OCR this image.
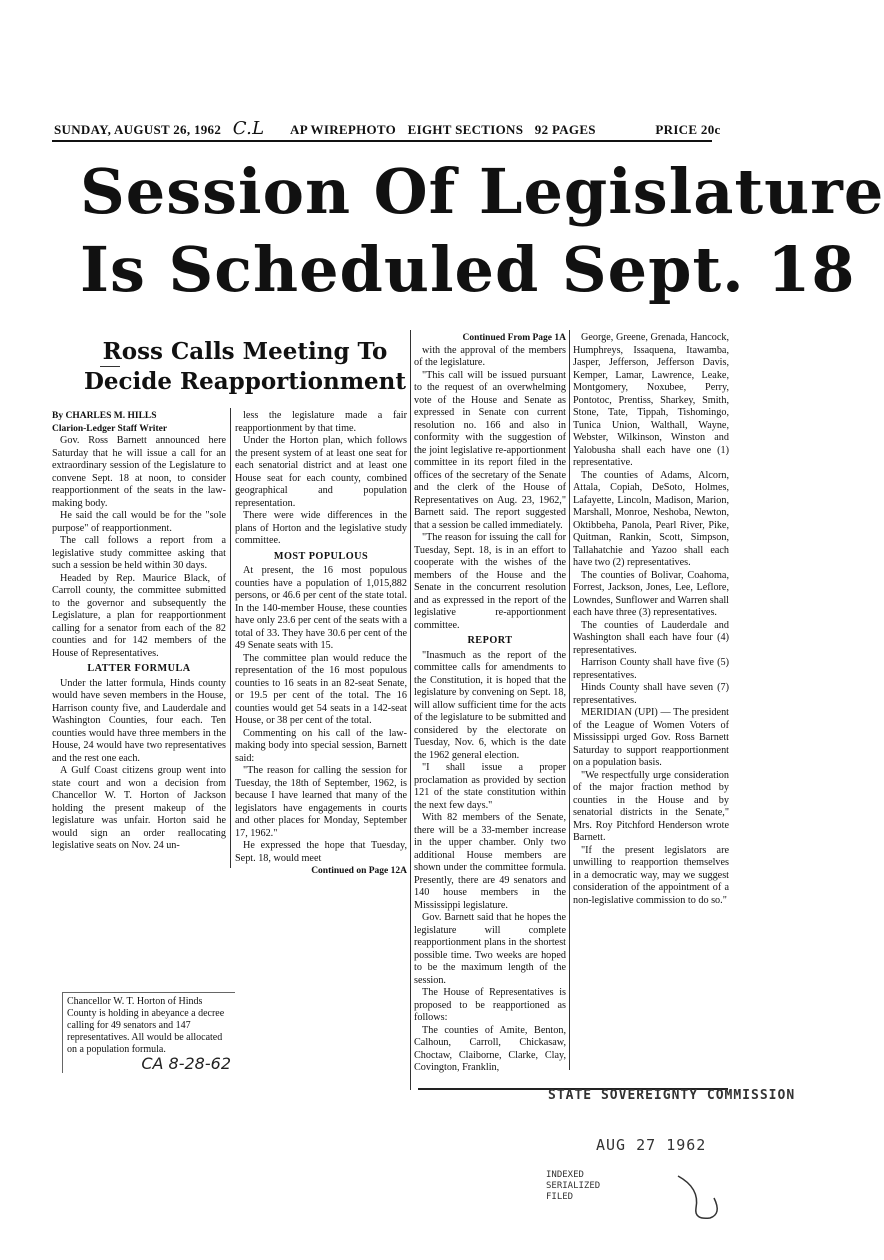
SUNDAY, AUGUST 26, 1962 C.L AP WIREPHOTO EIGHT SECTIONS 92 PAGES	PRICE 20c
Session Of Legislature
Is Scheduled Sept. 18
Ross Calls Meeting To
Decide Reapportionment

By CHARLES M. HILLS

Clarion-Ledger Staff Writer

Gov. Ross Barnett announced here Saturday that he will issue a call for an extraordinary session of the Legislature to convene Sept. 18 at noon, to consider reapportionment of the seats in the law-making body.

He said the call would be for the "sole purpose" of reapportionment.

The call follows a report from a legislative study committee asking that such a session be held within 30 days.

Headed by Rep. Maurice Black, of Carroll county, the committee submitted to the governor and subsequently the Legislature, a plan for reapportionment calling for a senator from each of the 82 counties and for 142 members of the House of Representatives.

LATTER FORMULA

Under the latter formula, Hinds county would have seven members in the House, Harrison county five, and Lauderdale and Washington Counties, four each. Ten counties would have three members in the House, 24 would have two representatives and the rest one each.

A Gulf Coast citizens group went into state court and won a decision from Chancellor W. T. Horton of Jackson holding the present makeup of the legislature was unfair. Horton said he would sign an order reallocating legislative seats on Nov. 24 un-

less the legislature made a fair reapportionment by that time.

Under the Horton plan, which follows the present system of at least one seat for each senatorial district and at least one House seat for each county, combined geographical and population representation.

There were wide differences in the plans of Horton and the legislative study committee.

MOST POPULOUS

At present, the 16 most populous counties have a population of 1,015,882 persons, or 46.6 per cent of the state total. In the 140-member House, these counties have only 23.6 per cent of the seats with a total of 33. They have 30.6 per cent of the 49 Senate seats with 15.

The committee plan would reduce the representation of the 16 most populous counties to 16 seats in an 82-seat Senate, or 19.5 per cent of the total. The 16 counties would get 54 seats in a 142-seat House, or 38 per cent of the total.

Commenting on his call of the law-making body into special session, Barnett said:

"The reason for calling the session for Tuesday, the 18th of September, 1962, is because I have learned that many of the legislators have engagements in courts and other places for Monday, September 17, 1962."

He expressed the hope that Tuesday, Sept. 18, would meet

Continued on Page 12A

Continued From Page 1A

with the approval of the members of the legislature.

"This call will be issued pursuant to the request of an overwhelming vote of the House and Senate as expressed in Senate con current resolution no. 166 and also in conformity with the suggestion of the joint legislative re-apportionment committee in its report filed in the offices of the secretary of the Senate and the clerk of the House of Representatives on Aug. 23, 1962," Barnett said. The report suggested that a session be called immediately.

"The reason for issuing the call for Tuesday, Sept. 18, is in an effort to cooperate with the wishes of the members of the House and the Senate in the concurrent resolution and as expressed in the report of the legislative re-apportionment committee.

REPORT

"Inasmuch as the report of the committee calls for amendments to the Constitution, it is hoped that the legislature by convening on Sept. 18, will allow sufficient time for the acts of the legislature to be submitted and considered by the electorate on Tuesday, Nov. 6, which is the date the 1962 general election.

"I shall issue a proper proclamation as provided by section 121 of the state constitution within the next few days."

With 82 members of the Senate, there will be a 33-member increase in the upper chamber. Only two additional House members are shown under the committee formula. Presently, there are 49 senators and 140 house members in the Mississippi legislature.

Gov. Barnett said that he hopes the legislature will complete reapportionment plans in the shortest possible time. Two weeks are hoped to be the maximum length of the session.

The House of Representatives is proposed to be reapportioned as follows:

The counties of Amite, Benton, Calhoun, Carroll, Chickasaw, Choctaw, Claiborne, Clarke, Clay, Covington, Franklin,

George, Greene, Grenada, Hancock, Humphreys, Issaquena, Itawamba, Jasper, Jefferson, Jefferson Davis, Kemper, Lamar, Lawrence, Leake, Montgomery, Noxubee, Perry, Pontotoc, Prentiss, Sharkey, Smith, Stone, Tate, Tippah, Tishomingo, Tunica Union, Walthall, Wayne, Webster, Wilkinson, Winston and Yalobusha shall each have one (1) representative.

The counties of Adams, Alcorn, Attala, Copiah, DeSoto, Holmes, Lafayette, Lincoln, Madison, Marion, Marshall, Monroe, Neshoba, Newton, Oktibbeha, Panola, Pearl River, Pike, Quitman, Rankin, Scott, Simpson, Tallahatchie and Yazoo shall each have two (2) representatives.

The counties of Bolivar, Coahoma, Forrest, Jackson, Jones, Lee, Leflore, Lowndes, Sunflower and Warren shall each have three (3) representatives.

The counties of Lauderdale and Washington shall each have four (4) representatives.

Harrison County shall have five (5) representatives.

Hinds County shall have seven (7) representatives.

MERIDIAN (UPI) — The president of the League of Women Voters of Mississippi urged Gov. Ross Barnett Saturday to support reapportionment on a population basis.

"We respectfully urge consideration of the major fraction method by counties in the House and by senatorial districts in the Senate," Mrs. Roy Pitchford Henderson wrote Barnett.

"If the present legislators are unwilling to reapportion themselves in a democratic way, may we suggest consideration of the appointment of a non-legislative commission to do so."

Chancellor W. T. Horton of Hinds County is holding in abeyance a decree calling for 49 senators and 147 representatives. All would be allocated on a population formula.
CA 8-28-62
STATE SOVEREIGNTY COMMISSION
AUG 27 1962
INDEXED
SERIALIZED
FILED
